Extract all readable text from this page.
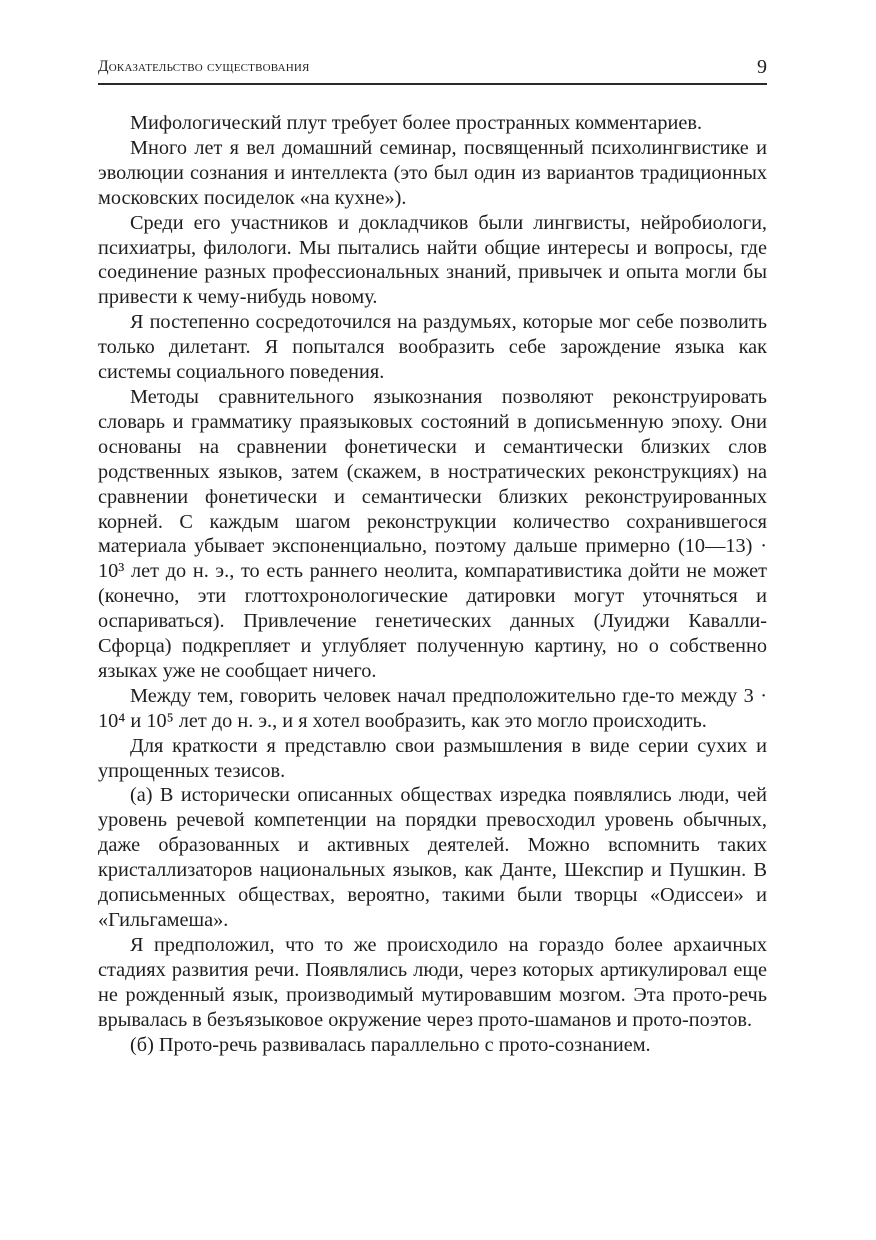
Доказательство существования	9

Мифологический плут требует более пространных комментариев.

Много лет я вел домашний семинар, посвященный психолингвистике и эволюции сознания и интеллекта (это был один из вариантов традиционных московских посиделок «на кухне»).

Среди его участников и докладчиков были лингвисты, нейробиологи, психиатры, филологи. Мы пытались найти общие интересы и вопросы, где соединение разных профессиональных знаний, привычек и опыта могли бы привести к чему-нибудь новому.

Я постепенно сосредоточился на раздумьях, которые мог себе позволить только дилетант. Я попытался вообразить себе зарождение языка как системы социального поведения.

Методы сравнительного языкознания позволяют реконструировать словарь и грамматику праязыковых состояний в дописьменную эпоху. Они основаны на сравнении фонетически и семантически близких слов родственных языков, затем (скажем, в ностратических реконструкциях) на сравнении фонетически и семантически близких реконструированных корней. С каждым шагом реконструкции количество сохранившегося материала убывает экспоненциально, поэтому дальше примерно (10—13) · 10³ лет до н. э., то есть раннего неолита, компаративистика дойти не может (конечно, эти глоттохронологические датировки могут уточняться и оспариваться). Привлечение генетических данных (Луиджи Кавалли-Сфорца) подкрепляет и углубляет полученную картину, но о собственно языках уже не сообщает ничего.

Между тем, говорить человек начал предположительно где-то между 3 · 10⁴ и 10⁵ лет до н. э., и я хотел вообразить, как это могло происходить.

Для краткости я представлю свои размышления в виде серии сухих и упрощенных тезисов.

(а) В исторически описанных обществах изредка появлялись люди, чей уровень речевой компетенции на порядки превосходил уровень обычных, даже образованных и активных деятелей. Можно вспомнить таких кристаллизаторов национальных языков, как Данте, Шекспир и Пушкин. В дописьменных обществах, вероятно, такими были творцы «Одиссеи» и «Гильгамеша».

Я предположил, что то же происходило на гораздо более архаичных стадиях развития речи. Появлялись люди, через которых артикулировал еще не рожденный язык, производимый мутировавшим мозгом. Эта прото-речь врывалась в безъязыковое окружение через прото-шаманов и прото-поэтов.

(б) Прото-речь развивалась параллельно с прото-сознанием.
